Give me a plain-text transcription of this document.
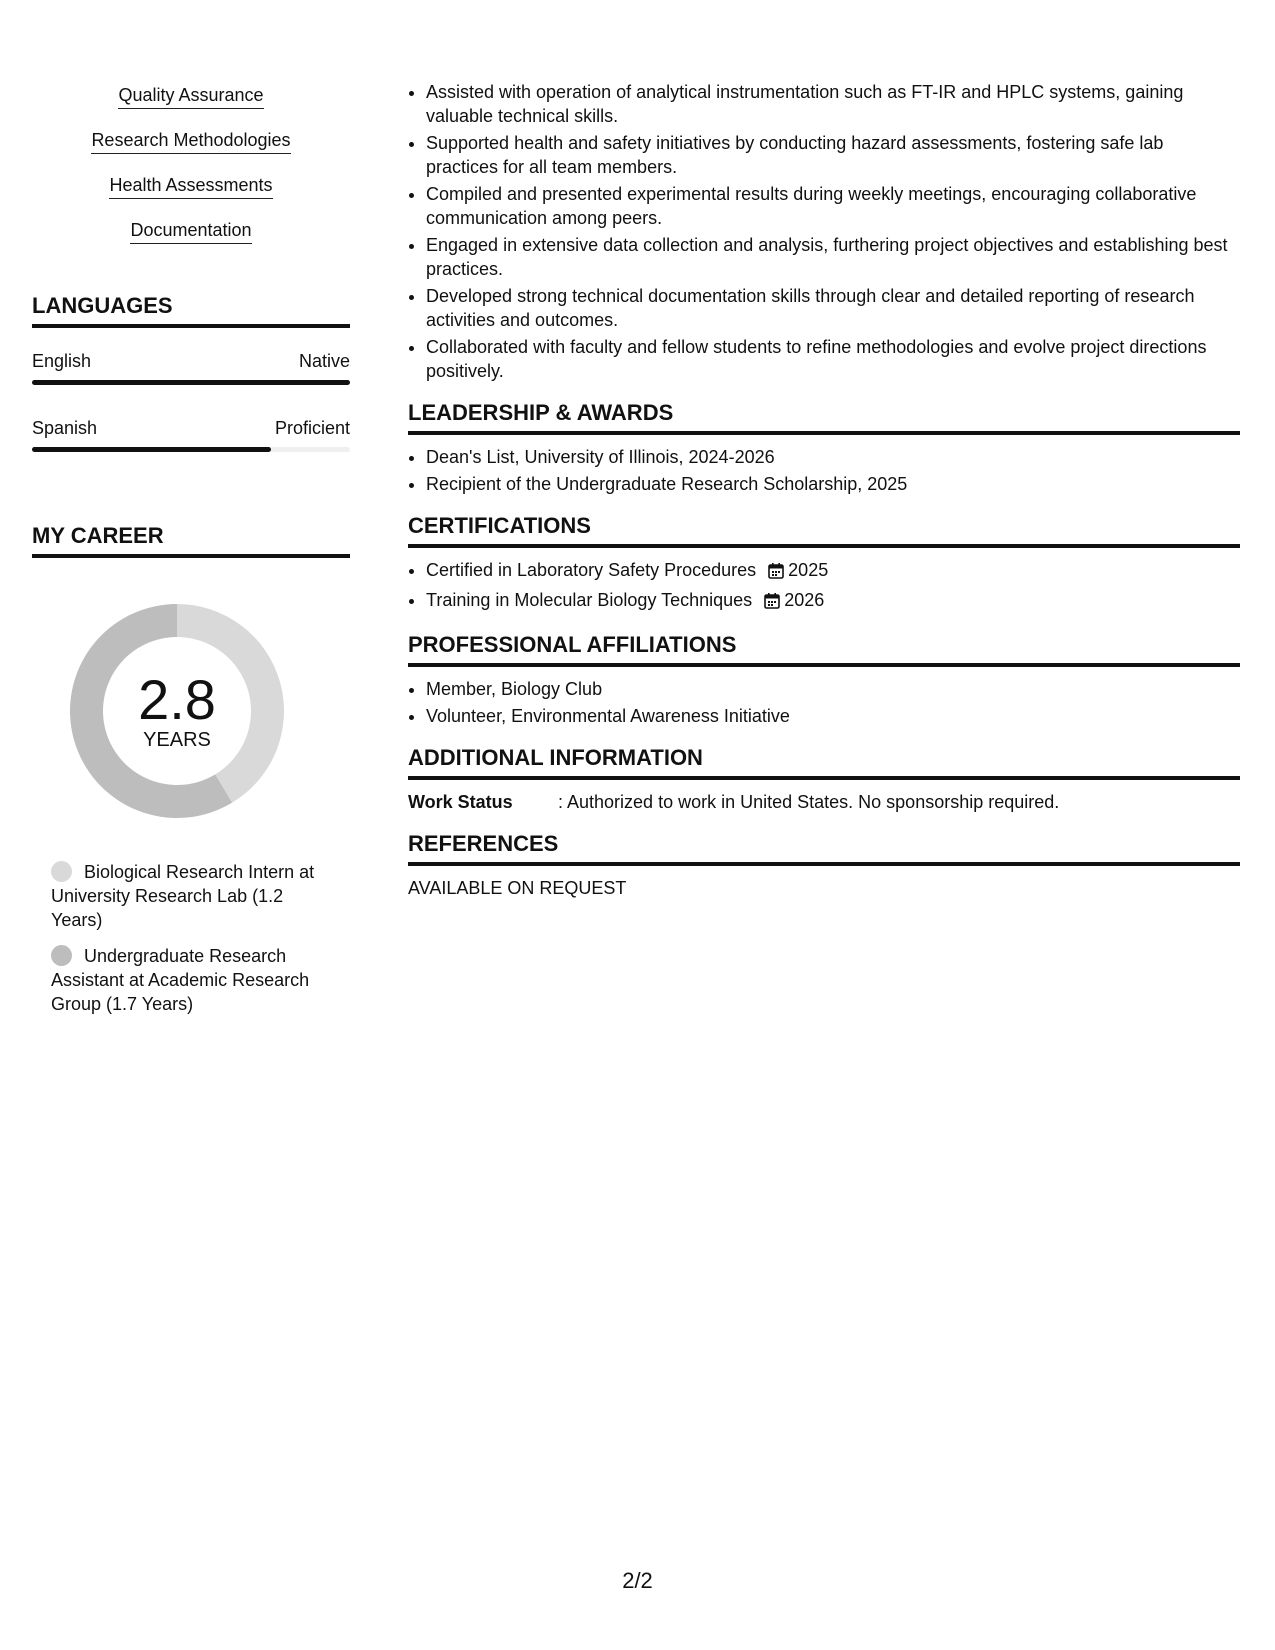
Quality Assurance
Research Methodologies
Health Assessments
Documentation
LANGUAGES
English	Native
Spanish	Proficient
MY CAREER
2.8
YEARS
Biological Research Intern at University Research Lab (1.2 Years)
Undergraduate Research Assistant at Academic Research Group (1.7 Years)
• Assisted with operation of analytical instrumentation such as FT-IR and HPLC systems, gaining valuable technical skills.
• Supported health and safety initiatives by conducting hazard assessments, fostering safe lab practices for all team members.
• Compiled and presented experimental results during weekly meetings, encouraging collaborative communication among peers.
• Engaged in extensive data collection and analysis, furthering project objectives and establishing best practices.
• Developed strong technical documentation skills through clear and detailed reporting of research activities and outcomes.
• Collaborated with faculty and fellow students to refine methodologies and evolve project directions positively.
LEADERSHIP & AWARDS
• Dean's List, University of Illinois, 2024-2026
• Recipient of the Undergraduate Research Scholarship, 2025
CERTIFICATIONS
• Certified in Laboratory Safety Procedures 2025
• Training in Molecular Biology Techniques 2026
PROFESSIONAL AFFILIATIONS
• Member, Biology Club
• Volunteer, Environmental Awareness Initiative
ADDITIONAL INFORMATION
Work Status	: Authorized to work in United States. No sponsorship required.
REFERENCES
AVAILABLE ON REQUEST
2/2
